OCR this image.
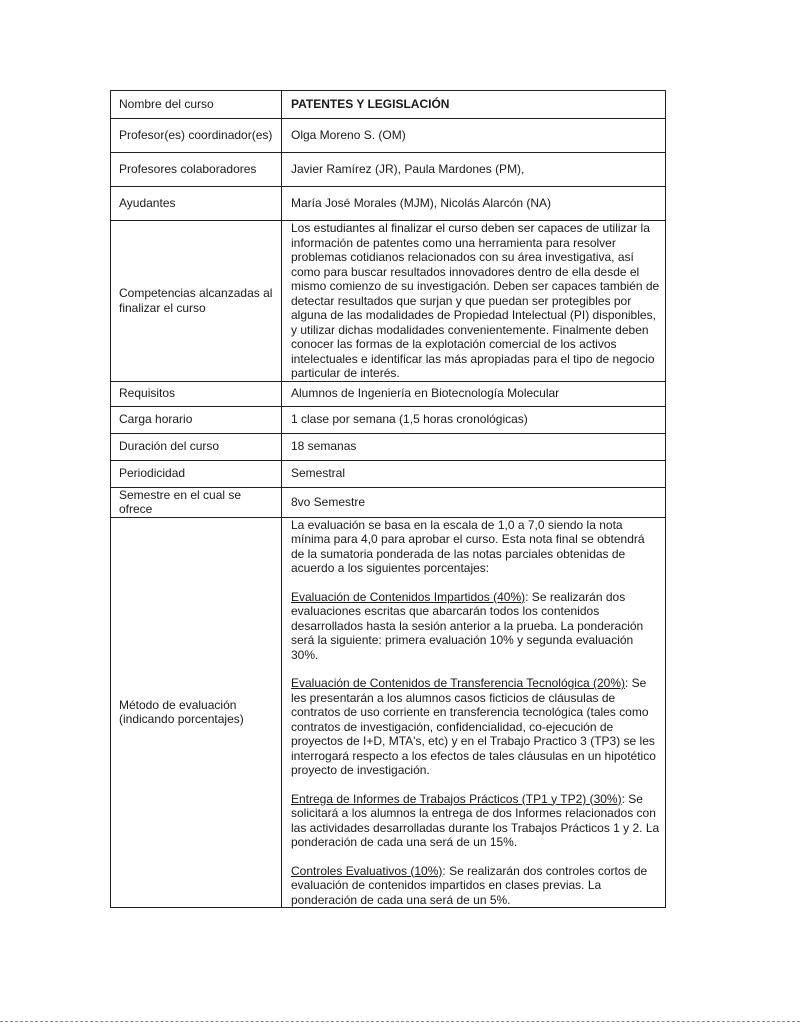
Nombre del curso	PATENTES Y LEGISLACIÓN
Profesor(es) coordinador(es)	Olga Moreno S. (OM)
Profesores colaboradores	Javier Ramírez (JR), Paula Mardones (PM),
Ayudantes	María José Morales (MJM), Nicolás Alarcón (NA)
Competencias alcanzadas al finalizar el curso	Los estudiantes al finalizar el curso deben ser capaces de utilizar la información de patentes como una herramienta para resolver problemas cotidianos relacionados con su área investigativa, así como para buscar resultados innovadores dentro de ella desde el mismo comienzo de su investigación. Deben ser capaces también de detectar resultados que surjan y que puedan ser protegibles por alguna de las modalidades de Propiedad Intelectual (PI) disponibles, y utilizar dichas modalidades convenientemente. Finalmente deben conocer las formas de la explotación comercial de los activos intelectuales e identificar las más apropiadas para el tipo de negocio particular de interés.
Requisitos	Alumnos de Ingeniería en Biotecnología Molecular
Carga horario	1 clase por semana (1,5 horas cronológicas)
Duración del curso	18 semanas
Periodicidad	Semestral
Semestre en el cual se ofrece	8vo Semestre
Método de evaluación (indicando porcentajes)	La evaluación se basa en la escala de 1,0 a 7,0 siendo la nota mínima para 4,0 para aprobar el curso. Esta nota final se obtendrá de la sumatoria ponderada de las notas parciales obtenidas de acuerdo a los siguientes porcentajes:

Evaluación de Contenidos Impartidos (40%): Se realizarán dos evaluaciones escritas que abarcarán todos los contenidos desarrollados hasta la sesión anterior a la prueba. La ponderación será la siguiente: primera evaluación 10% y segunda evaluación 30%.

Evaluación de Contenidos de Transferencia Tecnológica (20%): Se les presentarán a los alumnos casos ficticios de cláusulas de contratos de uso corriente en transferencia tecnológica (tales como contratos de investigación, confidencialidad, co-ejecución de proyectos de I+D, MTA's, etc) y en el Trabajo Practico 3 (TP3) se les interrogará respecto a los efectos de tales cláusulas en un hipotético proyecto de investigación.

Entrega de Informes de Trabajos Prácticos (TP1 y TP2) (30%): Se solicitará a los alumnos la entrega de dos Informes relacionados con las actividades desarrolladas durante los Trabajos Prácticos 1 y 2. La ponderación de cada una será de un 15%.

Controles Evaluativos (10%): Se realizarán dos controles cortos de evaluación de contenidos impartidos en clases previas. La ponderación de cada una será de un 5%.
